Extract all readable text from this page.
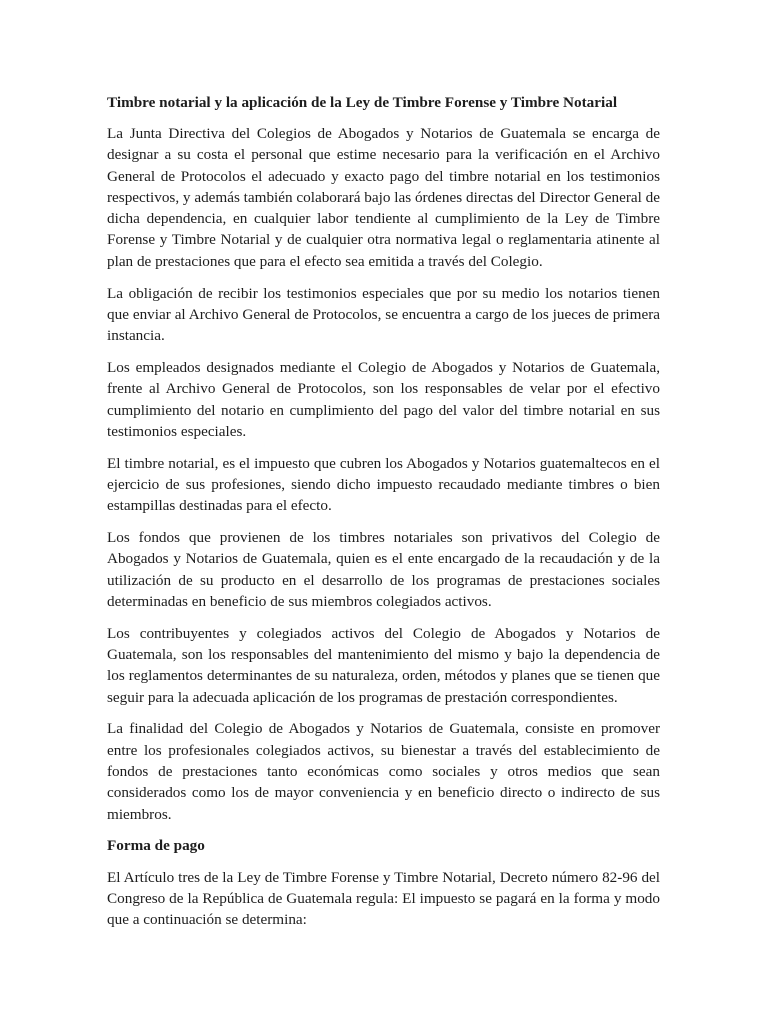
Timbre notarial y la aplicación de la Ley de Timbre Forense y Timbre Notarial

La Junta Directiva del Colegios de Abogados y Notarios de Guatemala se encarga de designar a su costa el personal que estime necesario para la verificación en el Archivo General de Protocolos el adecuado y exacto pago del timbre notarial en los testimonios respectivos, y además también colaborará bajo las órdenes directas del Director General de dicha dependencia, en cualquier labor tendiente al cumplimiento de la Ley de Timbre Forense y Timbre Notarial y de cualquier otra normativa legal o reglamentaria atinente al plan de prestaciones que para el efecto sea emitida a través del Colegio.

La obligación de recibir los testimonios especiales que por su medio los notarios tienen que enviar al Archivo General de Protocolos, se encuentra a cargo de los jueces de primera instancia.

Los empleados designados mediante el Colegio de Abogados y Notarios de Guatemala, frente al Archivo General de Protocolos, son los responsables de velar por el efectivo cumplimiento del notario en cumplimiento del pago del valor del timbre notarial en sus testimonios especiales.

El timbre notarial, es el impuesto que cubren los Abogados y Notarios guatemaltecos en el ejercicio de sus profesiones, siendo dicho impuesto recaudado mediante timbres o bien estampillas destinadas para el efecto.

Los fondos que provienen de los timbres notariales son privativos del Colegio de Abogados y Notarios de Guatemala, quien es el ente encargado de la recaudación y de la utilización de su producto en el desarrollo de los programas de prestaciones sociales determinadas en beneficio de sus miembros colegiados activos.

Los contribuyentes y colegiados activos del Colegio de Abogados y Notarios de Guatemala, son los responsables del mantenimiento del mismo y bajo la dependencia de los reglamentos determinantes de su naturaleza, orden, métodos y planes que se tienen que seguir para la adecuada aplicación de los programas de prestación correspondientes.

La finalidad del Colegio de Abogados y Notarios de Guatemala, consiste en promover entre los profesionales colegiados activos, su bienestar a través del establecimiento de fondos de prestaciones tanto económicas como sociales y otros medios que sean considerados como los de mayor conveniencia y en beneficio directo o indirecto de sus miembros.

Forma de pago

El Artículo tres de la Ley de Timbre Forense y Timbre Notarial, Decreto número 82-96 del Congreso de la República de Guatemala regula: El impuesto se pagará en la forma y modo que a continuación se determina:
